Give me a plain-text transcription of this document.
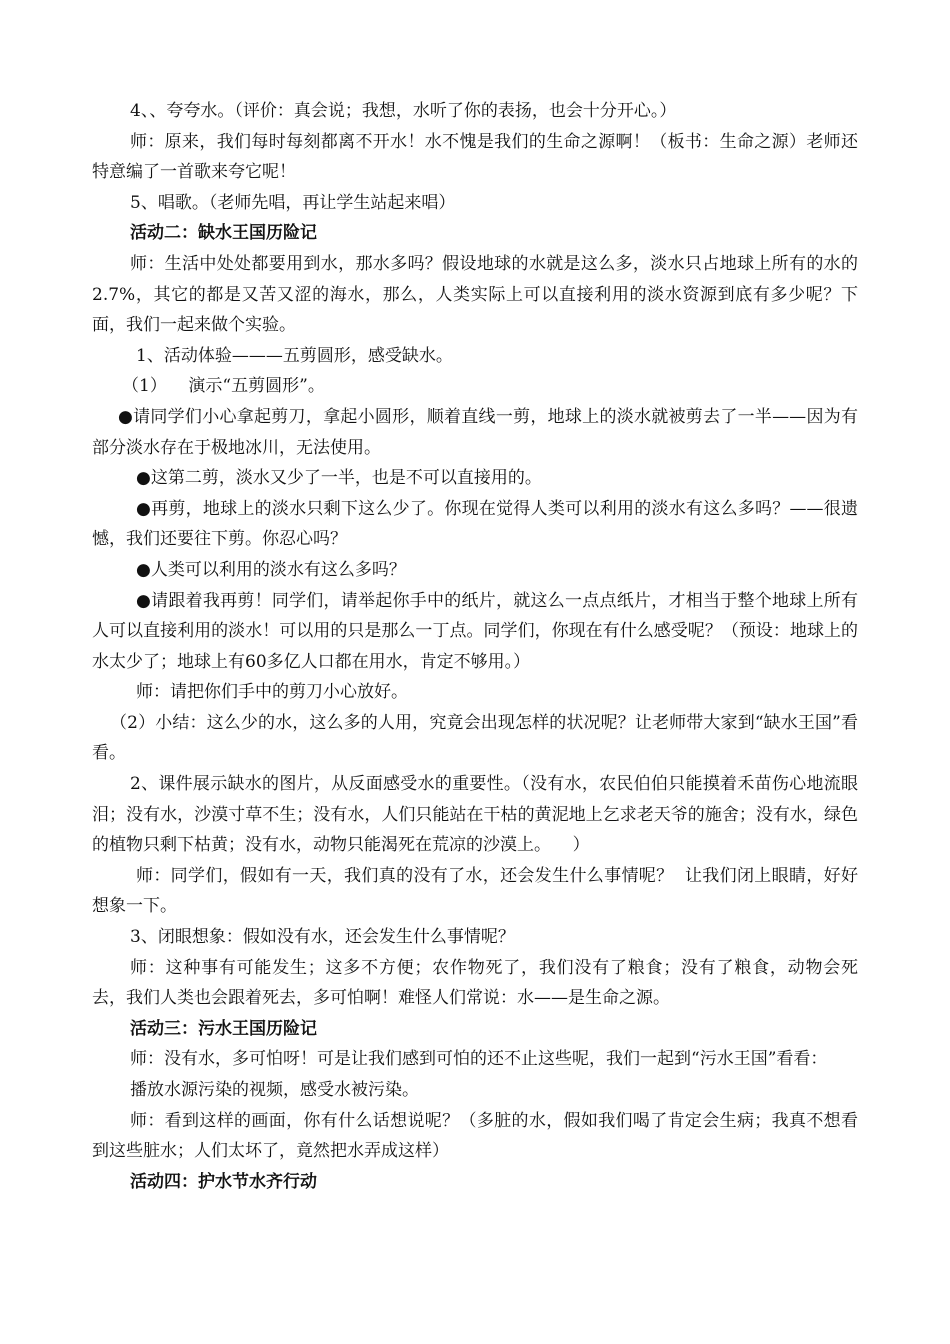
4、、夸夸水。（评价：真会说；我想，水听了你的表扬，也会十分开心。）

师：原来，我们每时每刻都离不开水！水不愧是我们的生命之源啊！（板书：生命之源）老师还特意编了一首歌来夸它呢！

5、唱歌。（老师先唱，再让学生站起来唱）

活动二：缺水王国历险记

师：生活中处处都要用到水，那水多吗？假设地球的水就是这么多，淡水只占地球上所有的水的2.7%，其它的都是又苦又涩的海水，那么，人类实际上可以直接利用的淡水资源到底有多少呢？下面，我们一起来做个实验。

1、活动体验———五剪圆形，感受缺水。

（1）    演示“五剪圆形”。

●请同学们小心拿起剪刀，拿起小圆形，顺着直线一剪，地球上的淡水就被剪去了一半——因为有部分淡水存在于极地冰川，无法使用。

●这第二剪，淡水又少了一半，也是不可以直接用的。

●再剪，地球上的淡水只剩下这么少了。你现在觉得人类可以利用的淡水有这么多吗？——很遗憾，我们还要往下剪。你忍心吗？

●人类可以利用的淡水有这么多吗？

●请跟着我再剪！同学们，请举起你手中的纸片，就这么一点点纸片，才相当于整个地球上所有人可以直接利用的淡水！可以用的只是那么一丁点。同学们，你现在有什么感受呢？（预设：地球上的水太少了；地球上有60多亿人口都在用水，肯定不够用。）

师：请把你们手中的剪刀小心放好。

（2）小结：这么少的水，这么多的人用，究竟会出现怎样的状况呢？让老师带大家到“缺水王国”看看。

2、课件展示缺水的图片，从反面感受水的重要性。（没有水，农民伯伯只能摸着禾苗伤心地流眼泪；没有水，沙漠寸草不生；没有水，人们只能站在干枯的黄泥地上乞求老天爷的施舍；没有水，绿色的植物只剩下枯黄；没有水，动物只能渴死在荒凉的沙漠上。    ）

师：同学们，假如有一天，我们真的没有了水，还会发生什么事情呢？  让我们闭上眼睛，好好想象一下。

3、闭眼想象：假如没有水，还会发生什么事情呢？

师：这种事有可能发生；这多不方便；农作物死了，我们没有了粮食；没有了粮食，动物会死去，我们人类也会跟着死去，多可怕啊！难怪人们常说：水——是生命之源。

活动三：污水王国历险记

师：没有水，多可怕呀！可是让我们感到可怕的还不止这些呢，我们一起到“污水王国”看看：

播放水源污染的视频，感受水被污染。

师：看到这样的画面，你有什么话想说呢？（多脏的水，假如我们喝了肯定会生病；我真不想看到这些脏水；人们太坏了，竟然把水弄成这样）

活动四：护水节水齐行动
